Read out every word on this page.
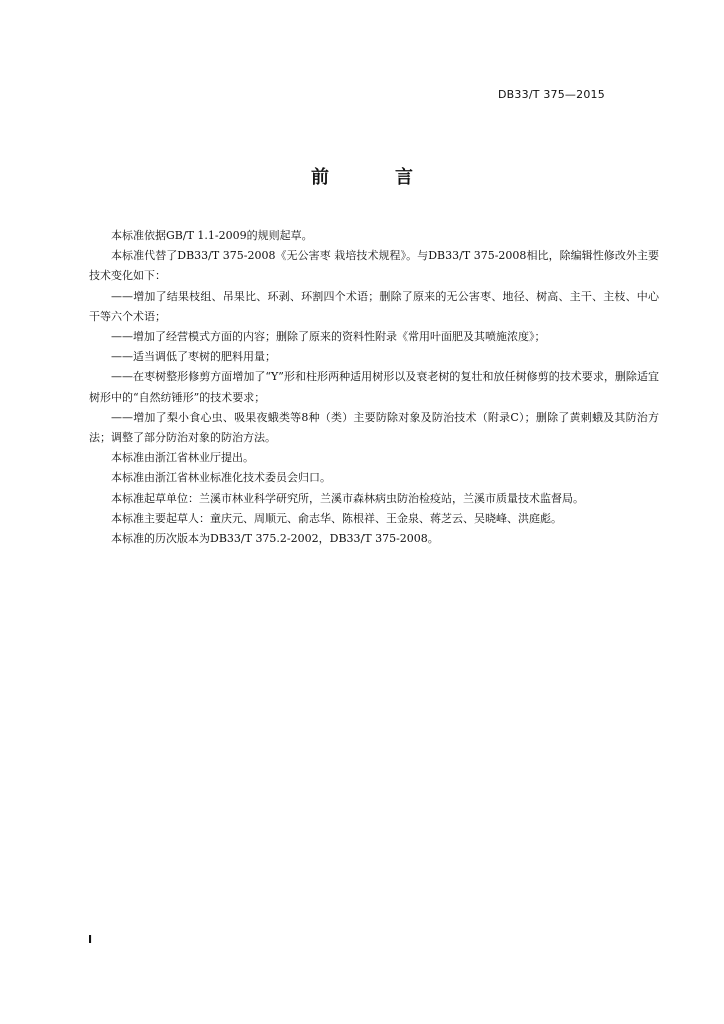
DB33/T 375—2015
前	言

本标准依据GB/T 1.1-2009的规则起草。

本标准代替了DB33/T 375-2008《无公害枣 栽培技术规程》。与DB33/T 375-2008相比，除编辑性修改外主要技术变化如下：

——增加了结果枝组、吊果比、环剥、环割四个术语；删除了原来的无公害枣、地径、树高、主干、主枝、中心干等六个术语；

——增加了经营模式方面的内容；删除了原来的资料性附录《常用叶面肥及其喷施浓度》；

——适当调低了枣树的肥料用量；

——在枣树整形修剪方面增加了“Y”形和柱形两种适用树形以及衰老树的复壮和放任树修剪的技术要求，删除适宜树形中的“自然纺锤形”的技术要求；

——增加了梨小食心虫、吸果夜蛾类等8种（类）主要防除对象及防治技术（附录C）；删除了黄刺蛾及其防治方法；调整了部分防治对象的防治方法。

本标准由浙江省林业厅提出。

本标准由浙江省林业标准化技术委员会归口。

本标准起草单位：兰溪市林业科学研究所，兰溪市森林病虫防治检疫站，兰溪市质量技术监督局。

本标准主要起草人：童庆元、周顺元、俞志华、陈根祥、王金泉、蒋芝云、吴晓峰、洪庭彪。

本标准的历次版本为DB33/T 375.2-2002，DB33/T 375-2008。

I
